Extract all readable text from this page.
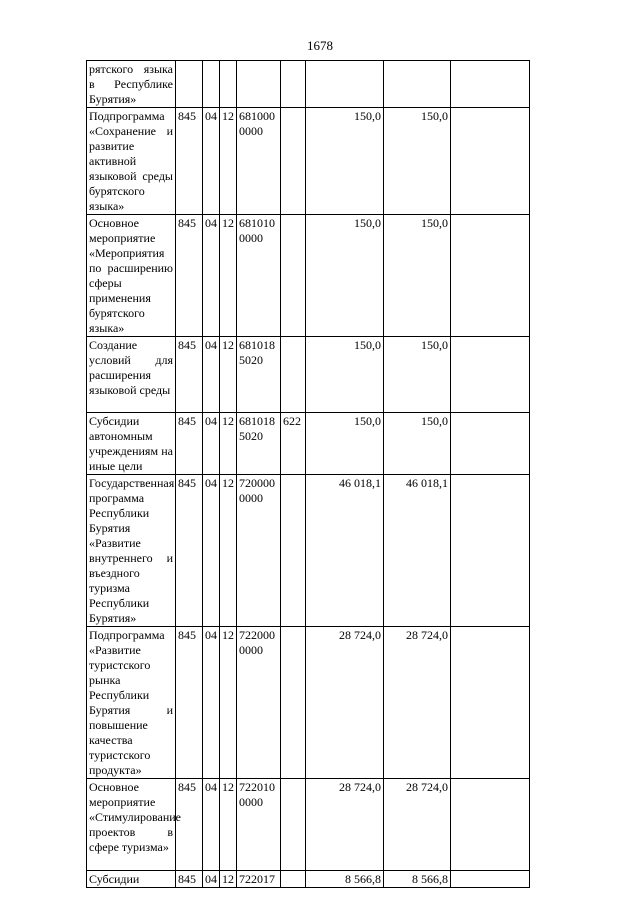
1678
рятского языка в Республике Бурятия»								
Подпрограмма «Сохранение и развитие активной языковой среды бурятского языка»	845	04	12	681000 0000		150,0	150,0	
Основное мероприятие «Мероприятия по расширению сферы применения бурятского языка»	845	04	12	681010 0000		150,0	150,0	
Создание условий для расширения языковой среды	845	04	12	681018 5020		150,0	150,0	
Субсидии автономным учреждениям на иные цели	845	04	12	681018 5020	622	150,0	150,0	
Государственная программа Республики Бурятия «Развитие внутреннего и въездного туризма Республики Бурятия»	845	04	12	720000 0000		46 018,1	46 018,1	
Подпрограмма «Развитие туристского рынка Республики Бурятия и повышение качества туристского продукта»	845	04	12	722000 0000		28 724,0	28 724,0	
Основное мероприятие «Стимулирование проектов в сфере туризма»	845	04	12	722010 0000		28 724,0	28 724,0	
Субсидии	845	04	12	722017		8 566,8	8 566,8	
